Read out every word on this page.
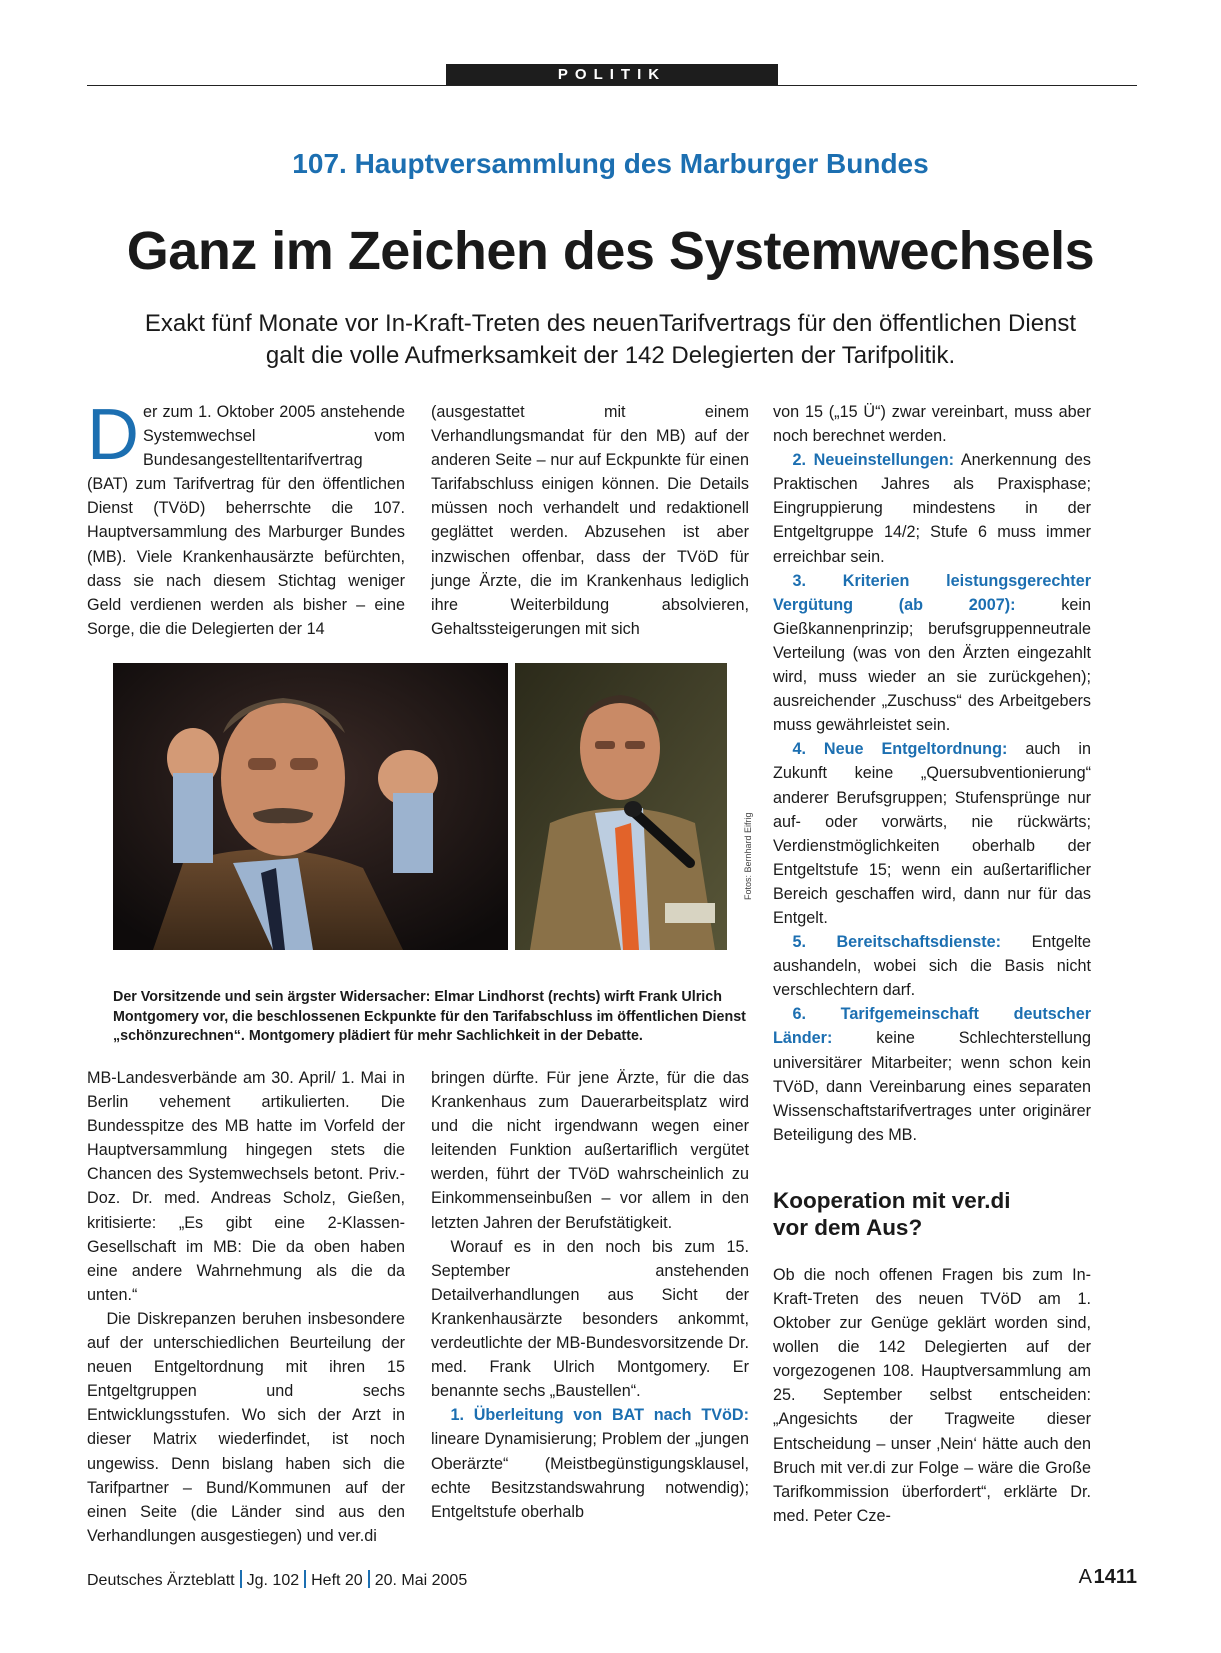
POLITIK
107. Hauptversammlung des Marburger Bundes
Ganz im Zeichen des Systemwechsels
Exakt fünf Monate vor In-Kraft-Treten des neuenTarifvertrags für den öffentlichen Dienst
galt die volle Aufmerksamkeit der 142 Delegierten der Tarifpolitik.

D er zum 1. Oktober 2005 anstehende Systemwechsel vom Bundesangestelltentarifvertrag (BAT) zum Tarifvertrag für den öffentlichen Dienst (TVöD) beherrschte die 107. Hauptversammlung des Marburger Bundes (MB). Viele Krankenhausärzte befürchten, dass sie nach diesem Stichtag weniger Geld verdienen werden als bisher – eine Sorge, die die Delegierten der 14

(ausgestattet mit einem Verhandlungsmandat für den MB) auf der anderen Seite – nur auf Eckpunkte für einen Tarifabschluss einigen können. Die Details müssen noch verhandelt und redaktionell geglättet werden. Abzusehen ist aber inzwischen offenbar, dass der TVöD für junge Ärzte, die im Krankenhaus lediglich ihre Weiterbildung absolvieren, Gehaltssteigerungen mit sich

Fotos: Bernhard Eifrig
Der Vorsitzende und sein ärgster Widersacher: Elmar Lindhorst (rechts) wirft Frank Ulrich Montgomery vor, die beschlossenen Eckpunkte für den Tarifabschluss im öffentlichen Dienst „schönzurechnen“. Montgomery plädiert für mehr Sachlichkeit in der Debatte.

MB-Landesverbände am 30. April/ 1. Mai in Berlin vehement artikulierten. Die Bundesspitze des MB hatte im Vorfeld der Hauptversammlung hingegen stets die Chancen des Systemwechsels betont. Priv.-Doz. Dr. med. Andreas Scholz, Gießen, kritisierte: „Es gibt eine 2-Klassen-Gesellschaft im MB: Die da oben haben eine andere Wahrnehmung als die da unten.“

Die Diskrepanzen beruhen insbesondere auf der unterschiedlichen Beurteilung der neuen Entgeltordnung mit ihren 15 Entgeltgruppen und sechs Entwicklungsstufen. Wo sich der Arzt in dieser Matrix wiederfindet, ist noch ungewiss. Denn bislang haben sich die Tarifpartner – Bund/Kommunen auf der einen Seite (die Länder sind aus den Verhandlungen ausgestiegen) und ver.di

bringen dürfte. Für jene Ärzte, für die das Krankenhaus zum Dauerarbeitsplatz wird und die nicht irgendwann wegen einer leitenden Funktion außertariflich vergütet werden, führt der TVöD wahrscheinlich zu Einkommenseinbußen – vor allem in den letzten Jahren der Berufstätigkeit.

Worauf es in den noch bis zum 15. September anstehenden Detailverhandlungen aus Sicht der Krankenhausärzte besonders ankommt, verdeutlichte der MB-Bundesvorsitzende Dr. med. Frank Ulrich Montgomery. Er benannte sechs „Baustellen“.

1. Überleitung von BAT nach TVöD: lineare Dynamisierung; Problem der „jungen Oberärzte“ (Meistbegünstigungsklausel, echte Besitzstandswahrung notwendig); Entgeltstufe oberhalb

von 15 („15 Ü“) zwar vereinbart, muss aber noch berechnet werden.

2. Neueinstellungen: Anerkennung des Praktischen Jahres als Praxisphase; Eingruppierung mindestens in der Entgeltgruppe 14/2; Stufe 6 muss immer erreichbar sein.

3. Kriterien leistungsgerechter Vergütung (ab 2007): kein Gießkannenprinzip; berufsgruppenneutrale Verteilung (was von den Ärzten eingezahlt wird, muss wieder an sie zurückgehen); ausreichender „Zuschuss“ des Arbeitgebers muss gewährleistet sein.

4. Neue Entgeltordnung: auch in Zukunft keine „Quersubventionierung“ anderer Berufsgruppen; Stufensprünge nur auf- oder vorwärts, nie rückwärts; Verdienstmöglichkeiten oberhalb der Entgeltstufe 15; wenn ein außertariflicher Bereich geschaffen wird, dann nur für das Entgelt.

5. Bereitschaftsdienste: Entgelte aushandeln, wobei sich die Basis nicht verschlechtern darf.

6. Tarifgemeinschaft deutscher Länder: keine Schlechterstellung universitärer Mitarbeiter; wenn schon kein TVöD, dann Vereinbarung eines separaten Wissenschaftstarifvertrages unter originärer Beteiligung des MB.

Kooperation mit ver.di
vor dem Aus?

Ob die noch offenen Fragen bis zum In-Kraft-Treten des neuen TVöD am 1. Oktober zur Genüge geklärt worden sind, wollen die 142 Delegierten auf der vorgezogenen 108. Hauptversammlung am 25. September selbst entscheiden: „Angesichts der Tragweite dieser Entscheidung – unser ‚Nein‘ hätte auch den Bruch mit ver.di zur Folge – wäre die Große Tarifkommission überfordert“, erklärte Dr. med. Peter Cze-

Deutsches Ärzteblatt Jg. 102 Heft 20 20. Mai 2005	A 1411
